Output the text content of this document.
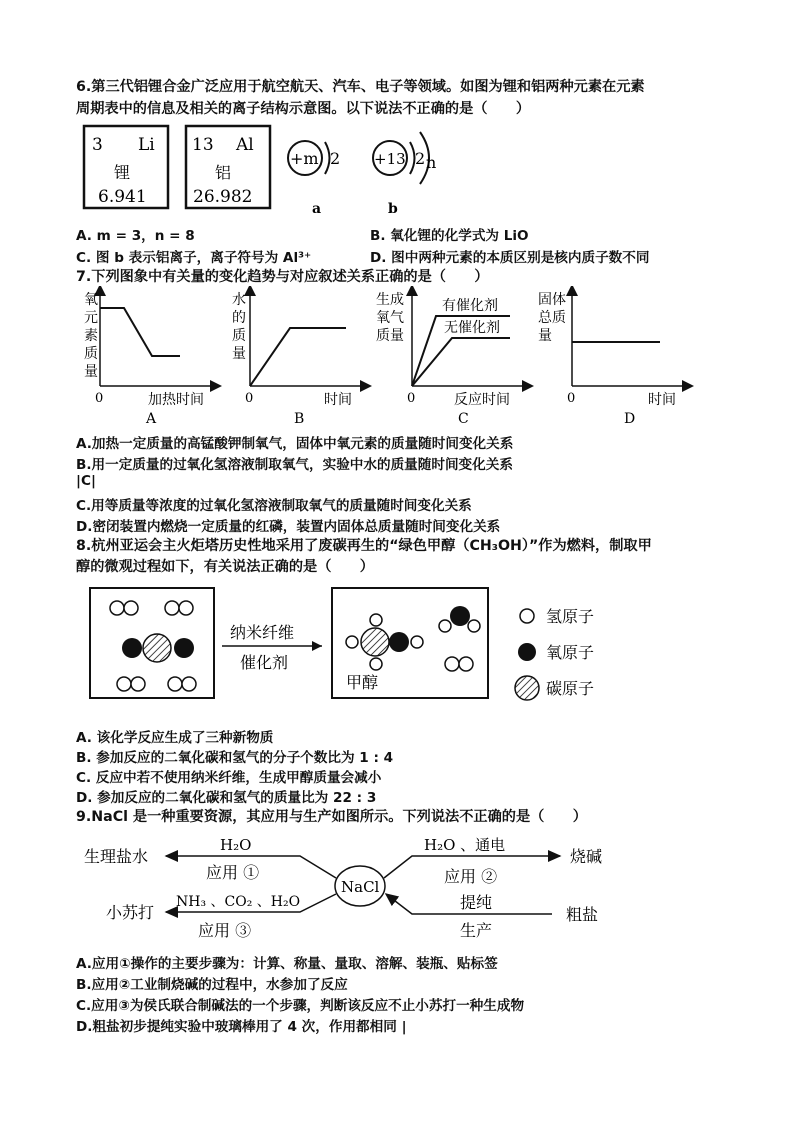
6.第三代铝锂合金广泛应用于航空航天、汽车、电子等领域。如图为锂和铝两种元素在元素
周期表中的信息及相关的离子结构示意图。以下说法不正确的是（　　）
3 Li
锂
6.941
13 Al
铝
26.982
+m 2
a
+13 2 n
b
A. m = 3，n = 8	B. 氧化锂的化学式为 LiO
C. 图 b 表示铝离子，离子符号为 Al³⁺	D. 图中两种元素的本质区别是核内质子数不同
7.下列图象中有关量的变化趋势与对应叙述关系正确的是（　　）
氧
元
素
质
量
0	加热时间
A
水
的
质
量
0	时间
B
生成
氧气
质量
有催化剂
无催化剂
0	反应时间
C
固体
总质
量
0	时间
D
A.加热一定质量的高锰酸钾制氧气，固体中氧元素的质量随时间变化关系
B.用一定质量的过氧化氢溶液制取氧气，实验中水的质量随时间变化关系
|C|
C.用等质量等浓度的过氧化氢溶液制取氧气的质量随时间变化关系
D.密闭装置内燃烧一定质量的红磷，装置内固体总质量随时间变化关系
8.杭州亚运会主火炬塔历史性地采用了废碳再生的“绿色甲醇（CH₃OH）”作为燃料，制取甲
醇的微观过程如下，有关说法正确的是（　　）
纳米纤维
催化剂
甲醇
氢原子
氧原子
碳原子
A. 该化学反应生成了三种新物质
B. 参加反应的二氧化碳和氢气的分子个数比为 1 : 4
C. 反应中若不使用纳米纤维，生成甲醇质量会减小
D. 参加反应的二氧化碳和氢气的质量比为 22 : 3
9.NaCl 是一种重要资源，其应用与生产如图所示。下列说法不正确的是（　　）
NaCl
生理盐水
H₂O
应用 ①
小苏打
NH₃ 、CO₂ 、H₂O
应用 ③
烧碱
H₂O 、通电
应用 ②
粗盐
提纯
生产
A.应用①操作的主要步骤为：计算、称量、量取、溶解、装瓶、贴标签
B.应用②工业制烧碱的过程中，水参加了反应
C.应用③为侯氏联合制碱法的一个步骤，判断该反应不止小苏打一种生成物
D.粗盐初步提纯实验中玻璃棒用了 4 次，作用都相同 |
